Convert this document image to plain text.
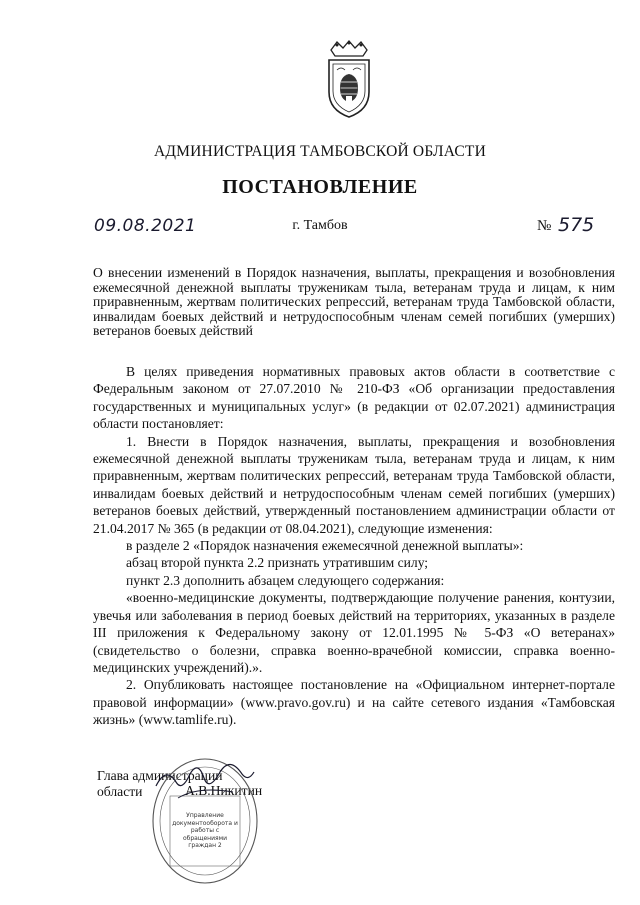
АДМИНИСТРАЦИЯ ТАМБОВСКОЙ ОБЛАСТИ
ПОСТАНОВЛЕНИЕ
09.08.2021	г. Тамбов	№ 575
О внесении изменений в Порядок назначения, выплаты, прекращения и возобновления ежемесячной денежной выплаты труженикам тыла, ветеранам труда и лицам, к ним приравненным, жертвам политических репрессий, ветеранам труда Тамбовской области, инвалидам боевых действий и нетрудоспособным членам семей погибших (умерших) ветеранов боевых действий

В целях приведения нормативных правовых актов области в соответствие с Федеральным законом от 27.07.2010 № 210-ФЗ «Об организации предоставления государственных и муниципальных услуг» (в редакции от 02.07.2021) администрация области постановляет:

1. Внести в Порядок назначения, выплаты, прекращения и возобновления ежемесячной денежной выплаты труженикам тыла, ветеранам труда и лицам, к ним приравненным, жертвам политических репрессий, ветеранам труда Тамбовской области, инвалидам боевых действий и нетрудоспособным членам семей погибших (умерших) ветеранов боевых действий, утвержденный постановлением администрации области от 21.04.2017 № 365 (в редакции от 08.04.2021), следующие изменения:

в разделе 2 «Порядок назначения ежемесячной денежной выплаты»:

абзац второй пункта 2.2 признать утратившим силу;

пункт 2.3 дополнить абзацем следующего содержания:

«военно-медицинские документы, подтверждающие получение ранения, контузии, увечья или заболевания в период боевых действий на территориях, указанных в разделе III приложения к Федеральному закону от 12.01.1995 № 5-ФЗ «О ветеранах» (свидетельство о болезни, справка военно-врачебной комиссии, справка военно-медицинских учреждений).».

2. Опубликовать настоящее постановление на «Официальном интернет-портале правовой информации» (www.pravo.gov.ru) и на сайте сетевого издания «Тамбовская жизнь» (www.tamlife.ru).

Глава администрации
области	А.В.Никитин
Управление документооборота и работы с обращениями граждан 2
